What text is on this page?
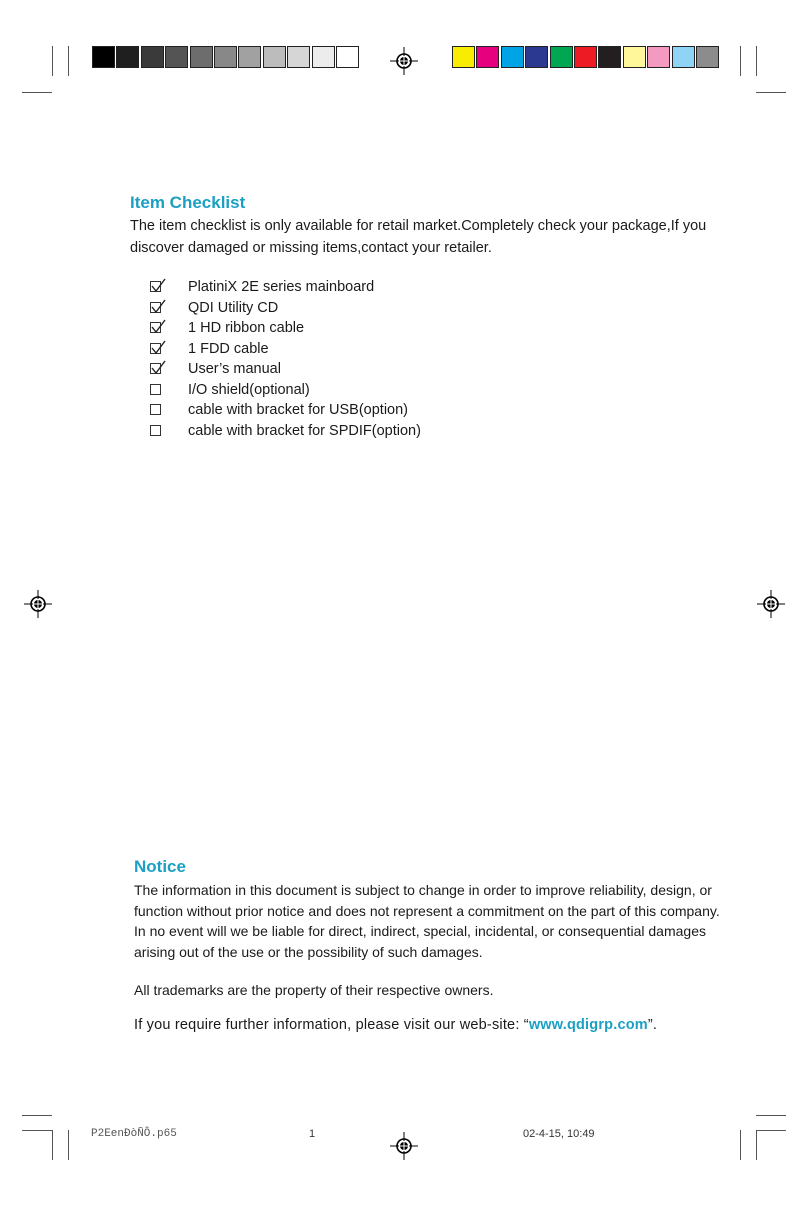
Item Checklist

The item checklist is only available for retail market.Completely check your package,If you
discover damaged or missing items,contact your retailer.

PlatiniX 2E series mainboard
QDI Utility CD
1 HD ribbon cable
1 FDD cable
User’s manual
I/O shield(optional)
cable with bracket for USB(option)
cable with bracket for SPDIF(option)
Notice

The information in this document is subject to change in order to improve reliability, design, or
function without prior notice and does not represent a commitment on the part of this company.
In no event will we be liable for direct, indirect, special, incidental, or consequential damages
arising out of the use or the possibility of such damages.

All trademarks are the property of their respective owners.

If you require further information, please visit our web-site: “www.qdigrp.com”.

P2EenÐòÑÔ.p65	1	02-4-15, 10:49
